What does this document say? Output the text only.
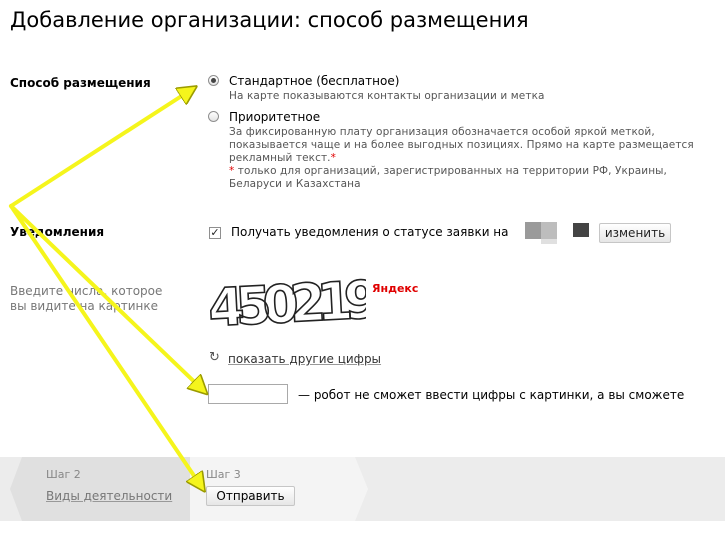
Добавление организации: способ размещения
Способ размещения	Стандартное (бесплатное)
На карте показываются контакты организации и метка
Приоритетное
За фиксированную плату организация обозначается особой яркой меткой, показывается чаще и на более выгодных позициях. Прямо на карте размещается рекламный текст.*
* только для организаций, зарегистрированных на территории РФ, Украины, Беларуси и Казахстана
Уведомления	✓ Получать уведомления о статусе заявки на	изменить
Введите числа, которое вы видите на картинке 450219 Яндекс
↻ показать другие цифры
— робот не сможет ввести цифры с картинки, а вы сможете
Шаг 2
Виды деятельности
Шаг 3
Отправить
